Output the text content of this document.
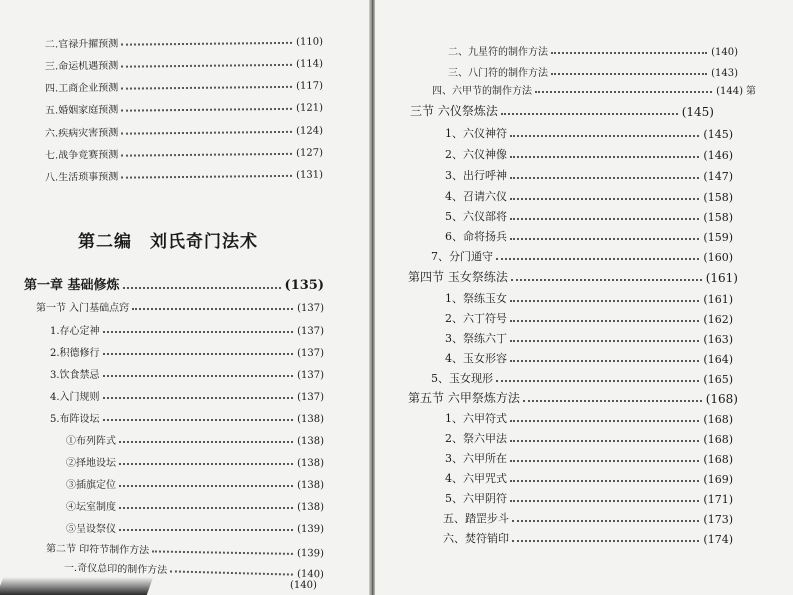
二.官禄升擢预测	(110)
三.命运机遇预测	(114)
四.工商企业预测	(117)
五.婚姻家庭预测	(121)
六.疾病灾害预测	(124)
七.战争竞赛预测	(127)
八.生活琐事预测	(131)
第二编　刘氏奇门法术
第一章 基础修炼	(135)
第一节 入门基础点窍	(137)
1.存心定神	(137)
2.积德修行	(137)
3.饮食禁忌	(137)
4.入门规则	(137)
5.布阵设坛	(138)
①布列阵式	(138)
②择地设坛	(138)
③插旗定位	(138)
④坛室制度	(138)
⑤呈设祭仪	(139)
第二节 印符节制作方法	(139)
一.奇仪总印的制作方法	(140)
(140)
二、九星符的制作方法	(140)
三、八门符的制作方法	(143)
四、六甲节的制作方法	(144) 第
三节 六仪祭炼法	(145)
1、六仪神符	(145)
2、六仪神像	(146)
3、出行呼神	(147)
4、召请六仪	(158)
5、六仪部将	(158)
6、命将扬兵	(159)
7、分门通守	(160)
第四节 玉女祭练法	(161)
1、祭练玉女	(161)
2、六丁符号	(162)
3、祭练六丁	(163)
4、玉女形容	(164)
5、玉女现形	(165)
第五节 六甲祭炼方法	(168)
1、六甲符式	(168)
2、祭六甲法	(168)
3、六甲所在	(168)
4、六甲咒式	(169)
5、六甲阴符	(171)
五、踏罡步斗	(173)
六、焚符销印	(174)
